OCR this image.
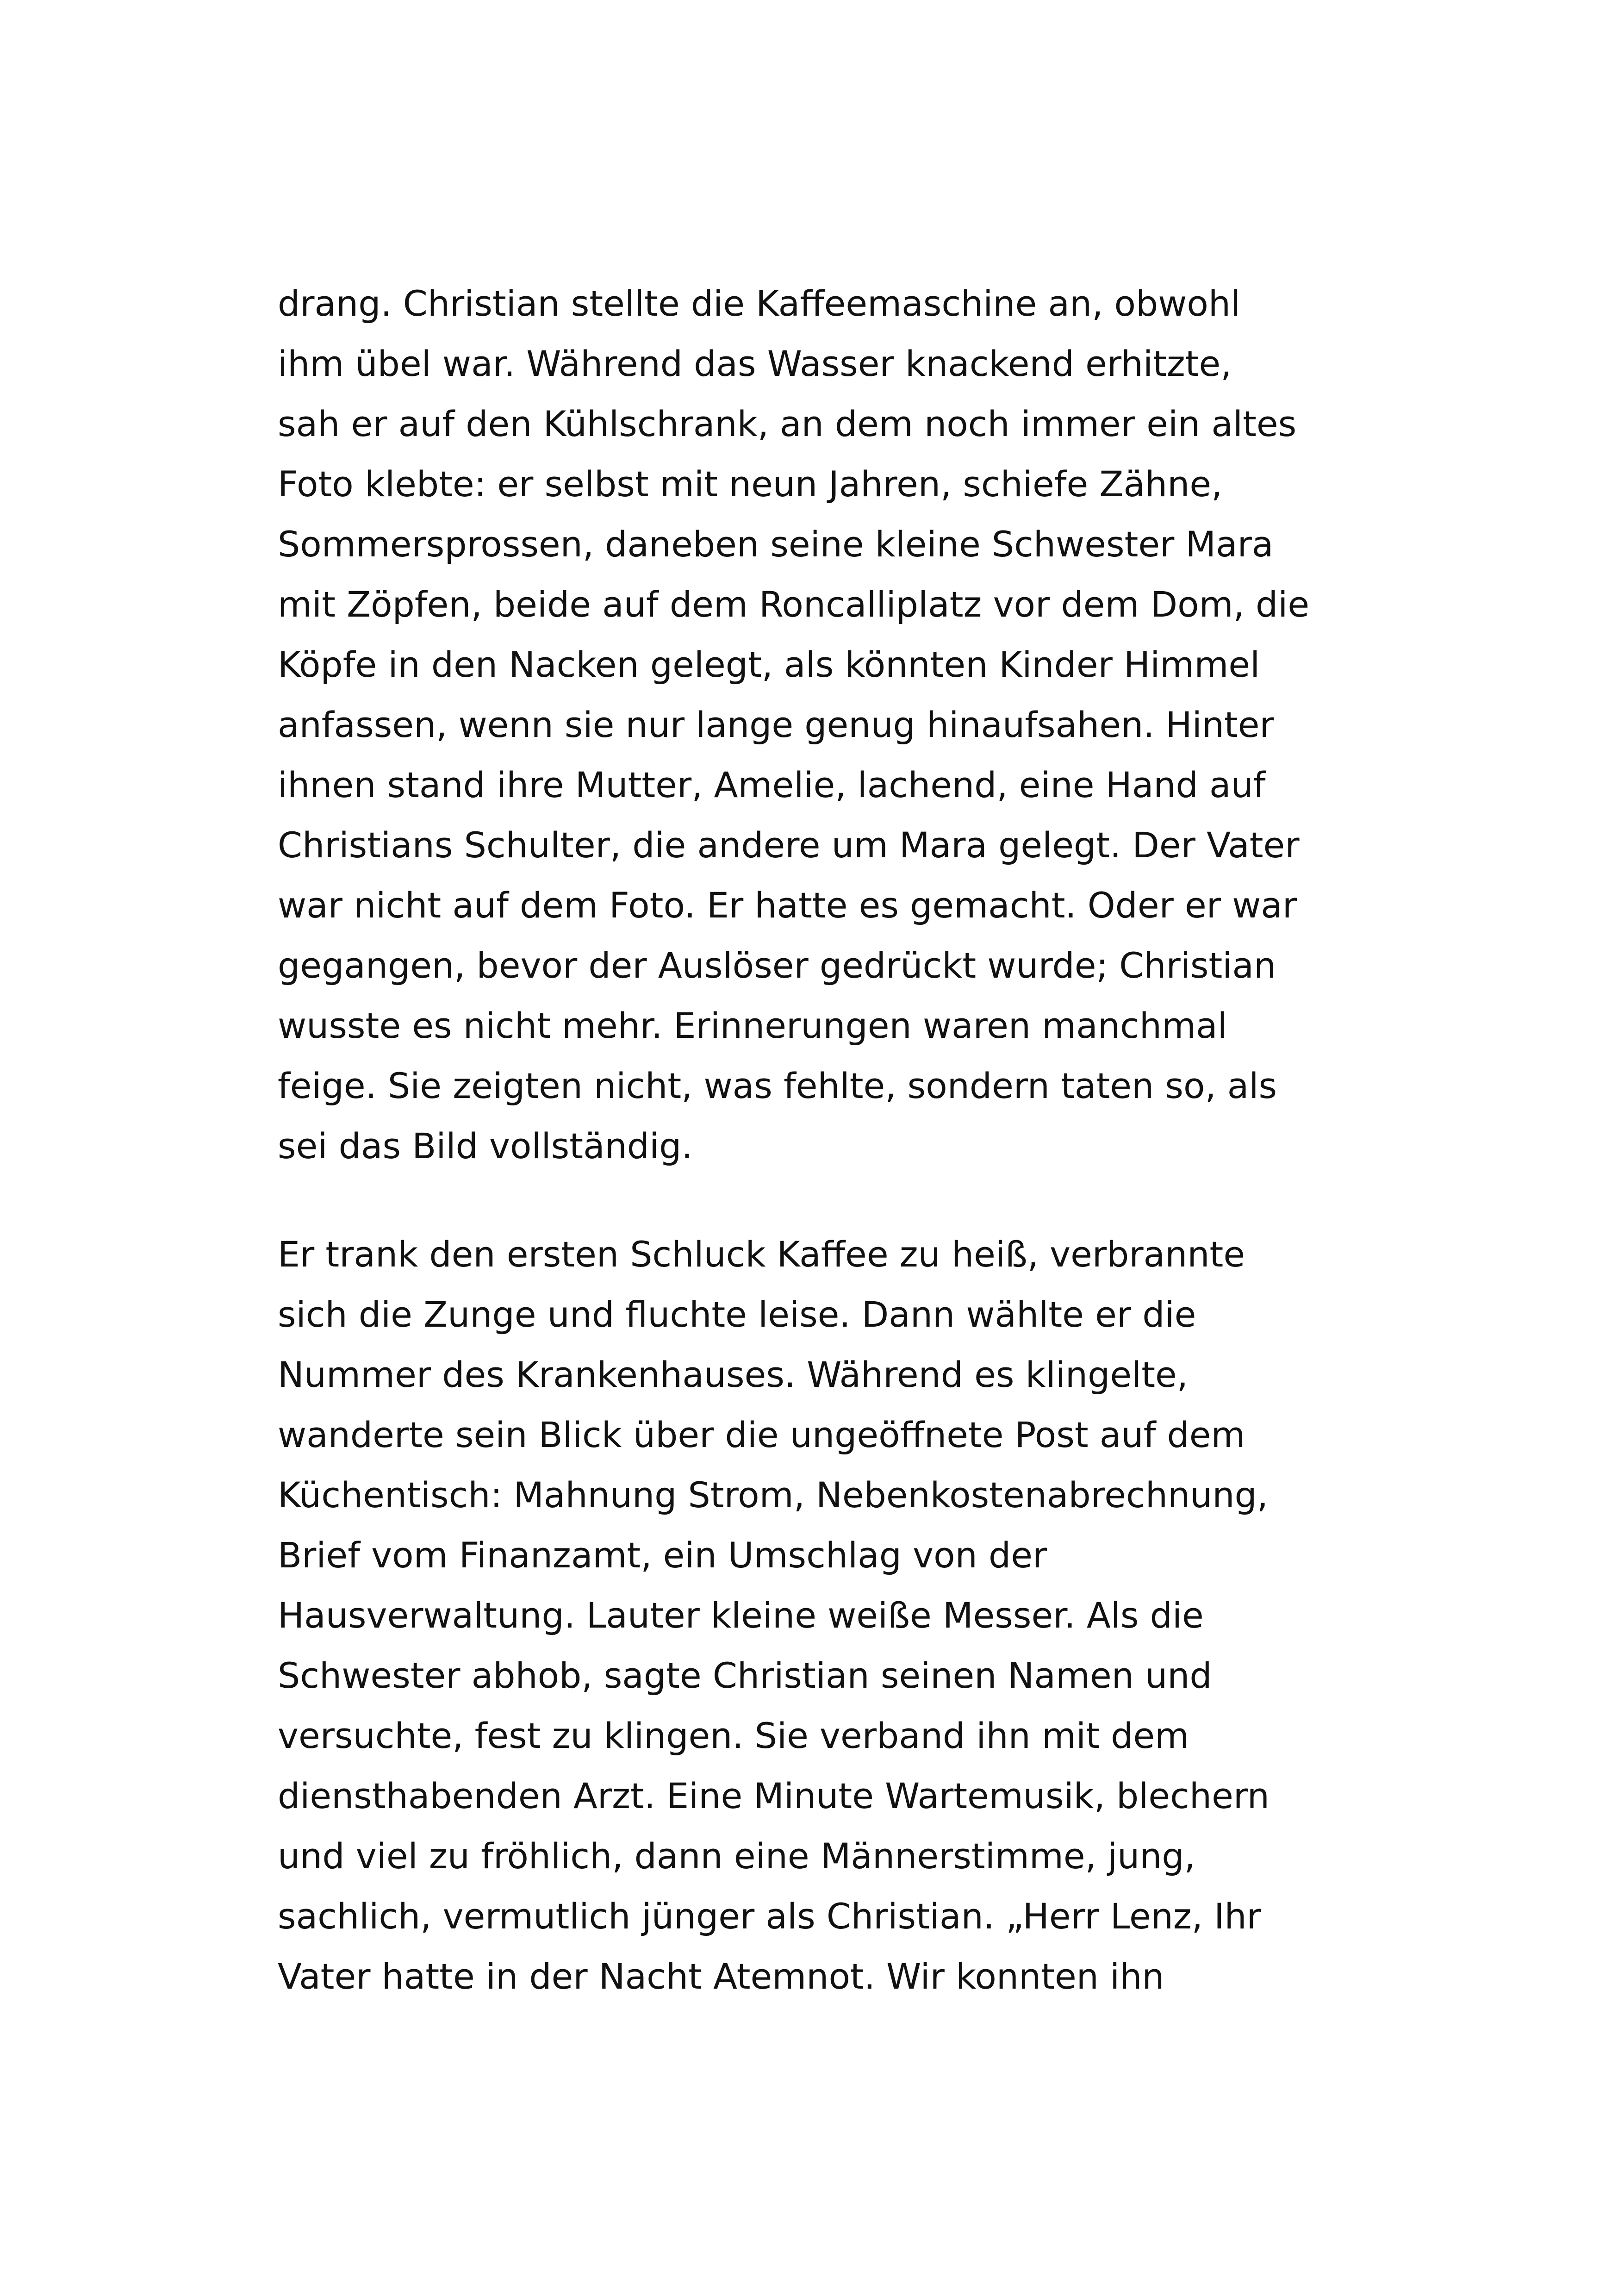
drang. Christian stellte die Kaffeemaschine an, obwohl
ihm übel war. Während das Wasser knackend erhitzte,
sah er auf den Kühlschrank, an dem noch immer ein altes
Foto klebte: er selbst mit neun Jahren, schiefe Zähne,
Sommersprossen, daneben seine kleine Schwester Mara
mit Zöpfen, beide auf dem Roncalliplatz vor dem Dom, die
Köpfe in den Nacken gelegt, als könnten Kinder Himmel
anfassen, wenn sie nur lange genug hinaufsahen. Hinter
ihnen stand ihre Mutter, Amelie, lachend, eine Hand auf
Christians Schulter, die andere um Mara gelegt. Der Vater
war nicht auf dem Foto. Er hatte es gemacht. Oder er war
gegangen, bevor der Auslöser gedrückt wurde; Christian
wusste es nicht mehr. Erinnerungen waren manchmal
feige. Sie zeigten nicht, was fehlte, sondern taten so, als
sei das Bild vollständig.
Er trank den ersten Schluck Kaffee zu heiß, verbrannte
sich die Zunge und fluchte leise. Dann wählte er die
Nummer des Krankenhauses. Während es klingelte,
wanderte sein Blick über die ungeöffnete Post auf dem
Küchentisch: Mahnung Strom, Nebenkostenabrechnung,
Brief vom Finanzamt, ein Umschlag von der
Hausverwaltung. Lauter kleine weiße Messer. Als die
Schwester abhob, sagte Christian seinen Namen und
versuchte, fest zu klingen. Sie verband ihn mit dem
diensthabenden Arzt. Eine Minute Wartemusik, blechern
und viel zu fröhlich, dann eine Männerstimme, jung,
sachlich, vermutlich jünger als Christian. „Herr Lenz, Ihr
Vater hatte in der Nacht Atemnot. Wir konnten ihn
